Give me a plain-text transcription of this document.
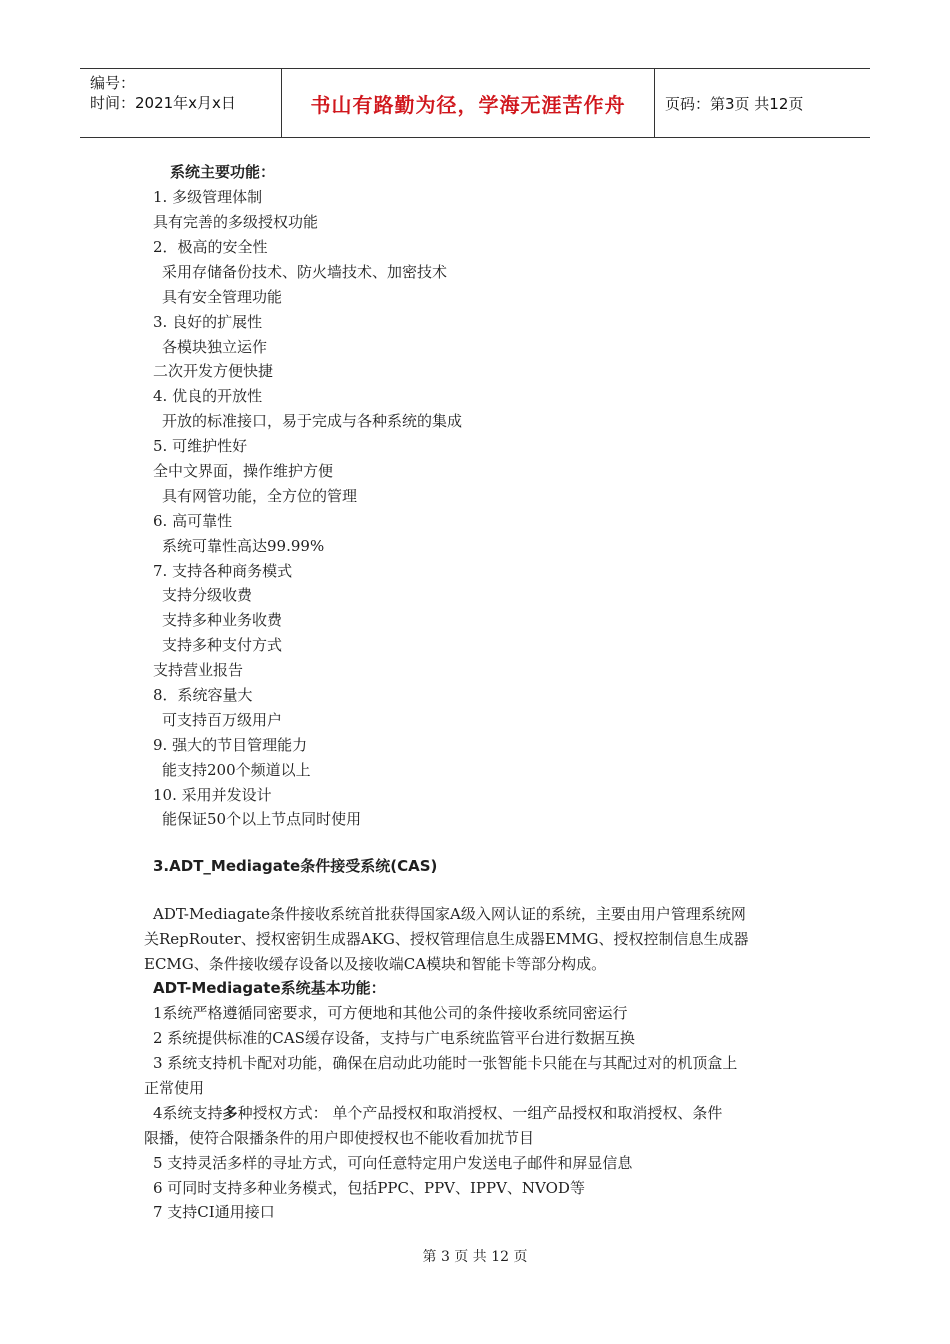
编号：
时间：2021年x月x日	书山有路勤为径，学海无涯苦作舟	页码：第3页 共12页
系统主要功能：
1. 多级管理体制
具有完善的多级授权功能
2．极高的安全性
采用存储备份技术、防火墙技术、加密技术
具有安全管理功能
3. 良好的扩展性
各模块独立运作
二次开发方便快捷
4. 优良的开放性
开放的标准接口，易于完成与各种系统的集成
5. 可维护性好
全中文界面，操作维护方便
具有网管功能，全方位的管理
6. 高可靠性
系统可靠性高达99.99%
7. 支持各种商务模式
支持分级收费
支持多种业务收费
支持多种支付方式
支持营业报告
8．系统容量大
可支持百万级用户
9. 强大的节目管理能力
能支持200个频道以上
10. 采用并发设计
能保证50个以上节点同时使用
3.ADT_Mediagate条件接受系统(CAS)
ADT-Mediagate条件接收系统首批获得国家A级入网认证的系统，主要由用户管理系统网
关RepRouter、授权密钥生成器AKG、授权管理信息生成器EMMG、授权控制信息生成器
ECMG、条件接收缓存设备以及接收端CA模块和智能卡等部分构成。
ADT-Mediagate系统基本功能：
1系统严格遵循同密要求，可方便地和其他公司的条件接收系统同密运行
2 系统提供标准的CAS缓存设备，支持与广电系统监管平台进行数据互换
3 系统支持机卡配对功能，确保在启动此功能时一张智能卡只能在与其配过对的机顶盒上
正常使用
4系统支持多种授权方式： 单个产品授权和取消授权、一组产品授权和取消授权、条件
限播，使符合限播条件的用户即使授权也不能收看加扰节目
5 支持灵活多样的寻址方式，可向任意特定用户发送电子邮件和屏显信息
6 可同时支持多种业务模式，包括PPC、PPV、IPPV、NVOD等
7 支持CI通用接口
第 3 页 共 12 页
